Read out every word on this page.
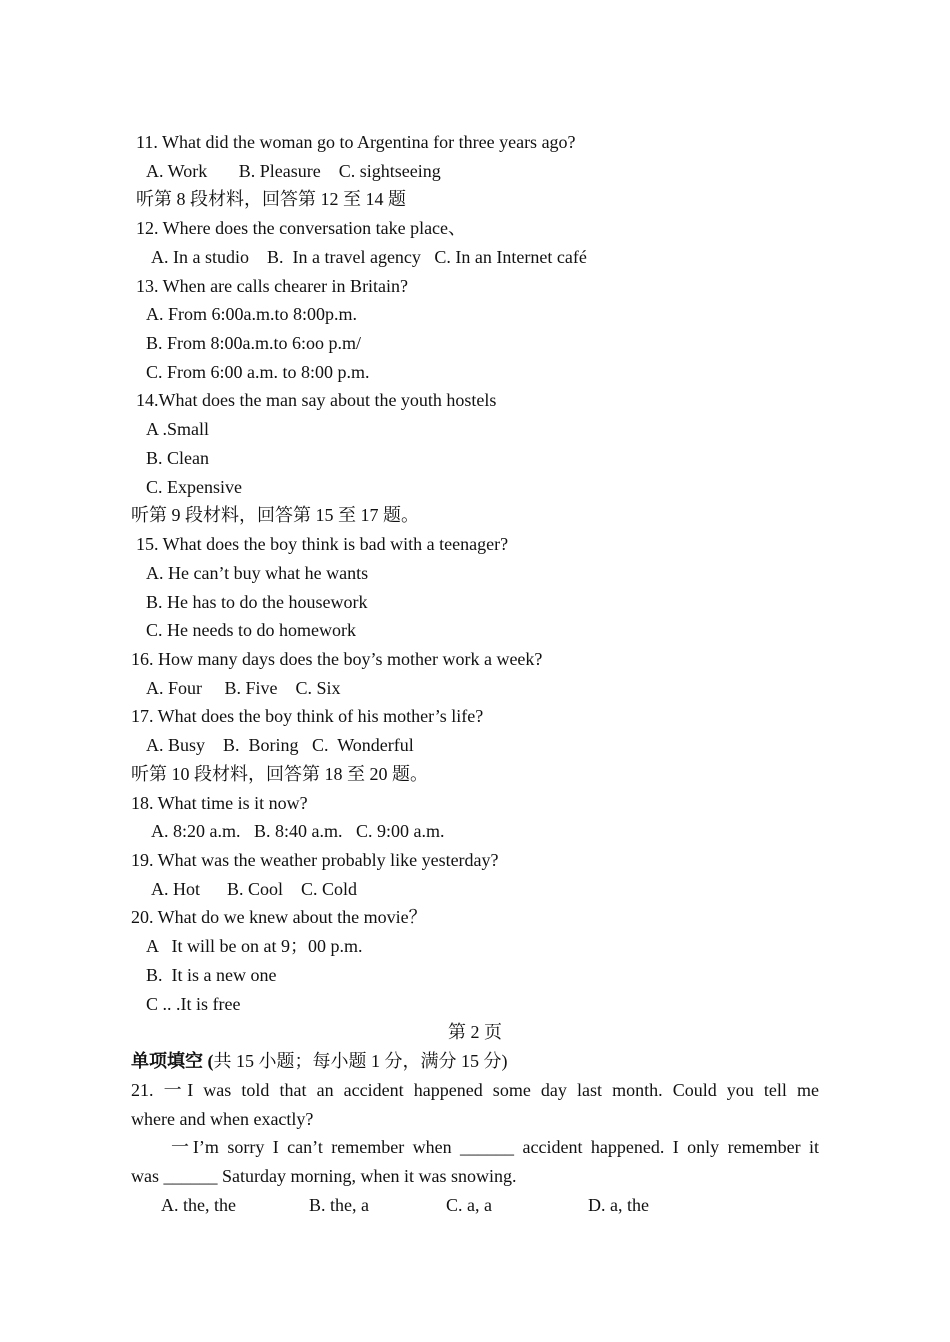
11. What did the woman go to Argentina for three years ago?
A. Work       B. Pleasure    C. sightseeing
听第 8 段材料，回答第 12 至 14 题
12. Where does the conversation take place、
A. In a studio    B.  In a travel agency   C. In an Internet café
13. When are calls chearer in Britain?
A. From 6:00a.m.to 8:00p.m.
B. From 8:00a.m.to 6:oo p.m/
C. From 6:00 a.m. to 8:00 p.m.
14.What does the man say about the youth hostels
A .Small
B. Clean
C. Expensive
听第 9 段材料，回答第 15 至 17 题。
15. What does the boy think is bad with a teenager?
A. He can’t buy what he wants
B. He has to do the housework
C. He needs to do homework
16. How many days does the boy’s mother work a week?
A. Four     B. Five    C. Six
17. What does the boy think of his mother’s life?
A. Busy    B.  Boring   C.  Wonderful
听第 10 段材料，回答第 18 至 20 题。
18. What time is it now?
A. 8:20 a.m.   B. 8:40 a.m.   C. 9:00 a.m.
19. What was the weather probably like yesterday?
A. Hot      B. Cool    C. Cold
20. What do we knew about the movie？
A   It will be on at 9；00 p.m.
B.  It is a new one
C .. .It is free
第 2 页
单项填空 (共 15 小题；每小题 1 分，满分 15 分)
21. 一I was told that an accident happened some day last month. Could you tell me
where and when exactly?
一I’m sorry I can’t remember when ______ accident happened. I only remember it
was ______ Saturday morning, when it was snowing.
A. the, the	B. the, a	C. a, a	D. a, the
